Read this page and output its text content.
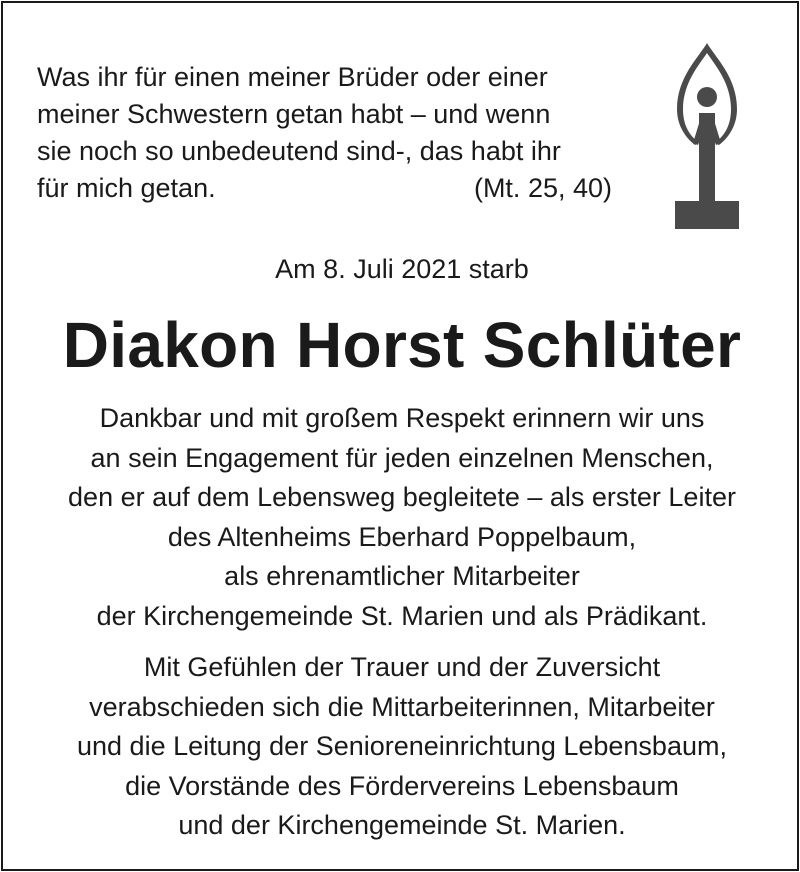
Was ihr für einen meiner Brüder oder einer
meiner Schwestern getan habt – und wenn
sie noch so unbedeutend sind-, das habt ihr
für mich getan.	(Mt. 25, 40)
Am 8. Juli 2021 starb
Diakon Horst Schlüter
Dankbar und mit großem Respekt erinnern wir uns
an sein Engagement für jeden einzelnen Menschen,
den er auf dem Lebensweg begleitete – als erster Leiter
des Altenheims Eberhard Poppelbaum,
als ehrenamtlicher Mitarbeiter
der Kirchengemeinde St. Marien und als Prädikant.
Mit Gefühlen der Trauer und der Zuversicht
verabschieden sich die Mittarbeiterinnen, Mitarbeiter
und die Leitung der Senioreneinrichtung Lebensbaum,
die Vorstände des Fördervereins Lebensbaum
und der Kirchengemeinde St. Marien.
